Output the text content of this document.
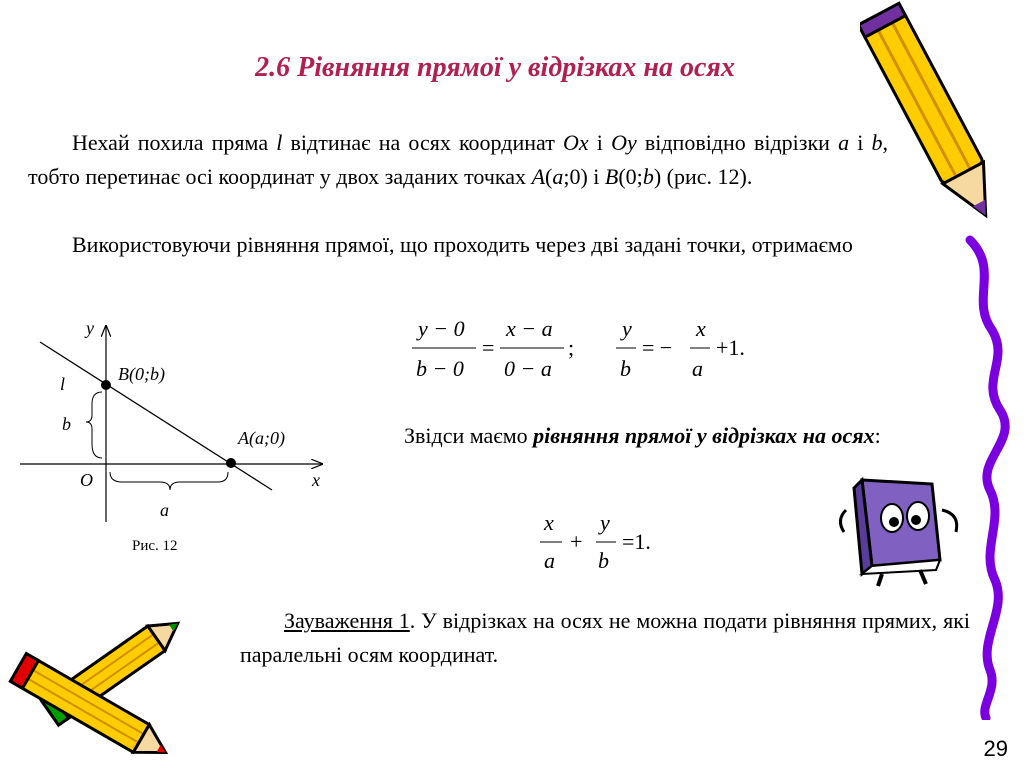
2.6 Рівняння прямої у відрізках на осях
Нехай похила пряма l відтинає на осях координат Ox і Oy відповідно відрізки a і b, тобто перетинає осі координат у двох заданих точках A(a;0) і B(0;b) (рис. 12).
Використовуючи рівняння прямої, що проходить через дві задані точки, отримаємо
y
x
O
l
b
a
B(0;b)
A(a;0)
Рис. 12
y − 0
b − 0
=
x − a
0 − a
;
y
b
= −
x
a
+1.
Звідси маємо рівняння прямої у відрізках на осях:
x
a
+
y
b
=1.
Зауваження 1. У відрізках на осях не можна подати рівняння прямих, які паралельні осям координат.
29
